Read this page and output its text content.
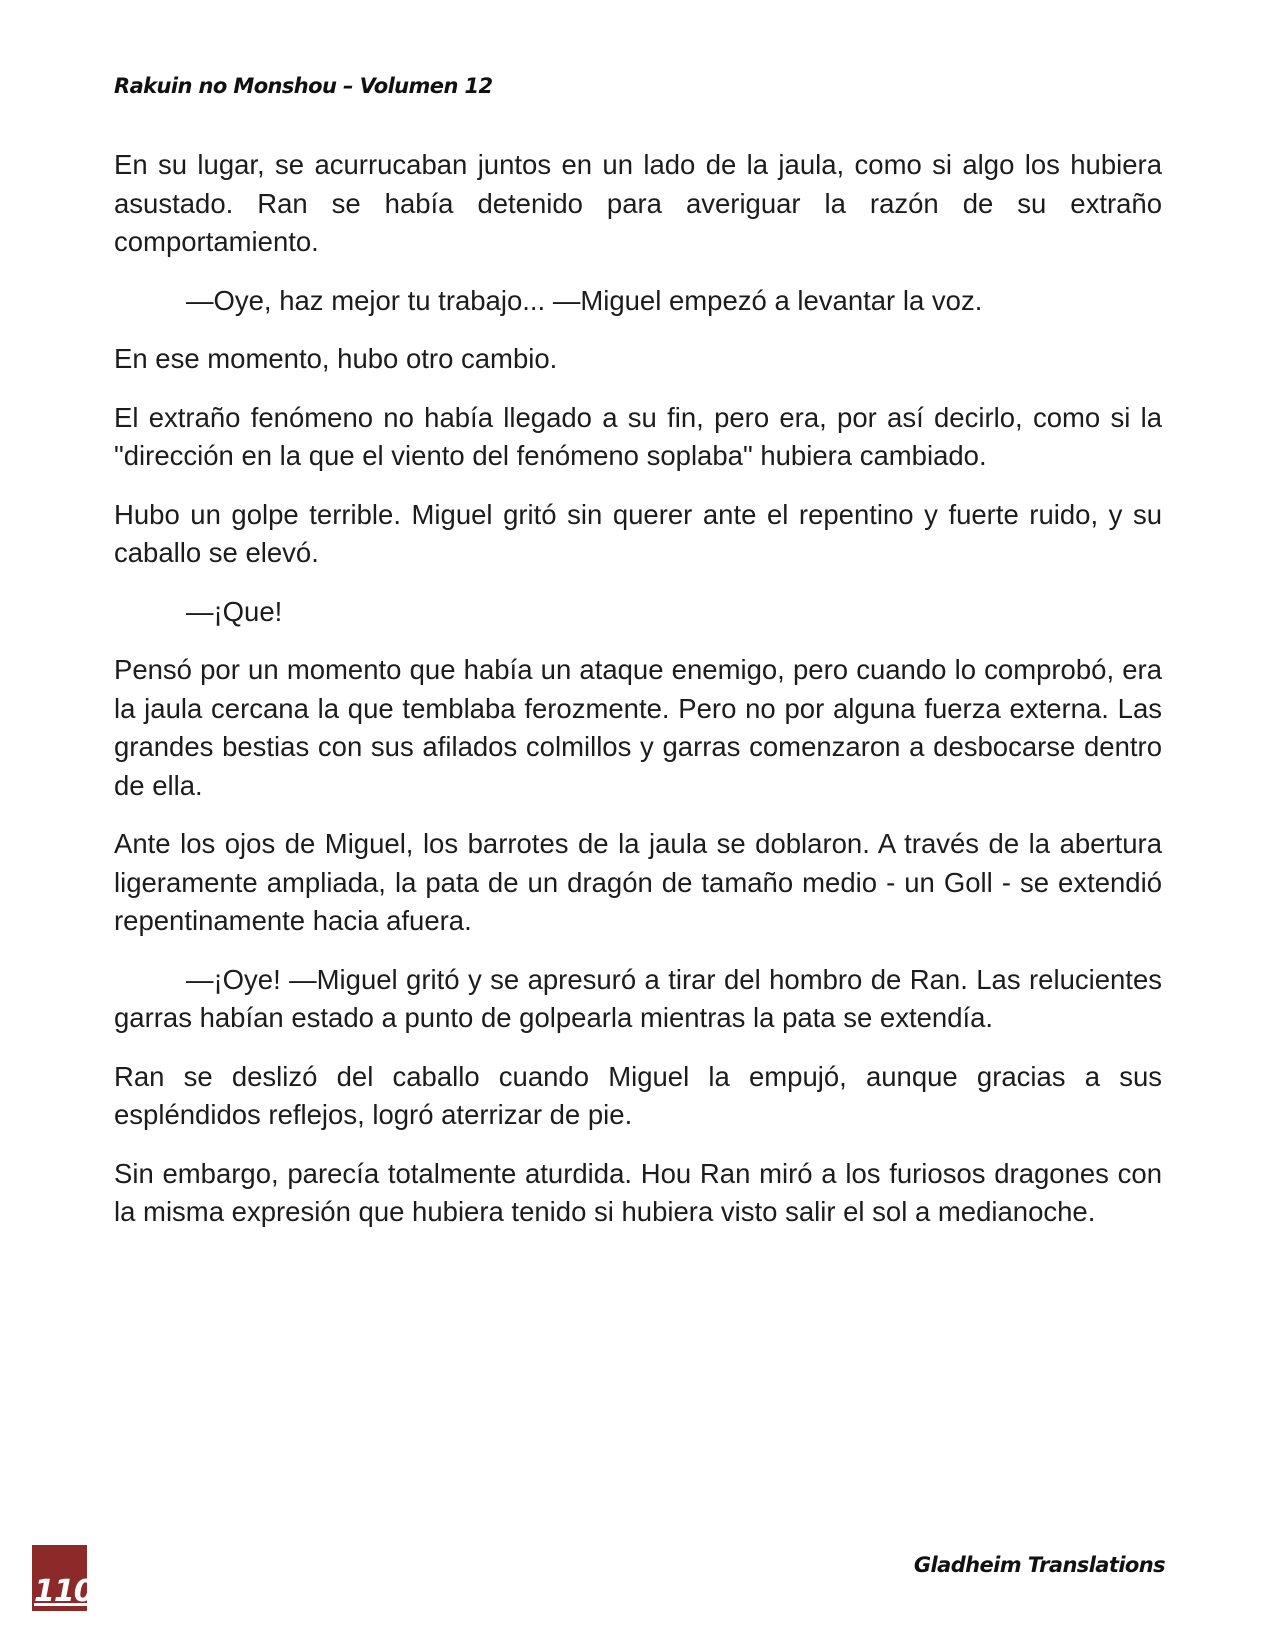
Rakuin no Monshou – Volumen 12

En su lugar, se acurrucaban juntos en un lado de la jaula, como si algo los hubiera asustado. Ran se había detenido para averiguar la razón de su extraño comportamiento.

—Oye, haz mejor tu trabajo... —Miguel empezó a levantar la voz.

En ese momento, hubo otro cambio.

El extraño fenómeno no había llegado a su fin, pero era, por así decirlo, como si la "dirección en la que el viento del fenómeno soplaba" hubiera cambiado.

Hubo un golpe terrible. Miguel gritó sin querer ante el repentino y fuerte ruido, y su caballo se elevó.

—¡Que!

Pensó por un momento que había un ataque enemigo, pero cuando lo comprobó, era la jaula cercana la que temblaba ferozmente. Pero no por alguna fuerza externa. Las grandes bestias con sus afilados colmillos y garras comenzaron a desbocarse dentro de ella.

Ante los ojos de Miguel, los barrotes de la jaula se doblaron. A través de la abertura ligeramente ampliada, la pata de un dragón de tamaño medio - un Goll - se extendió repentinamente hacia afuera.

—¡Oye! —Miguel gritó y se apresuró a tirar del hombro de Ran. Las relucientes garras habían estado a punto de golpearla mientras la pata se extendía.

Ran se deslizó del caballo cuando Miguel la empujó, aunque gracias a sus espléndidos reflejos, logró aterrizar de pie.

Sin embargo, parecía totalmente aturdida. Hou Ran miró a los furiosos dragones con la misma expresión que hubiera tenido si hubiera visto salir el sol a medianoche.

110
Gladheim Translations
